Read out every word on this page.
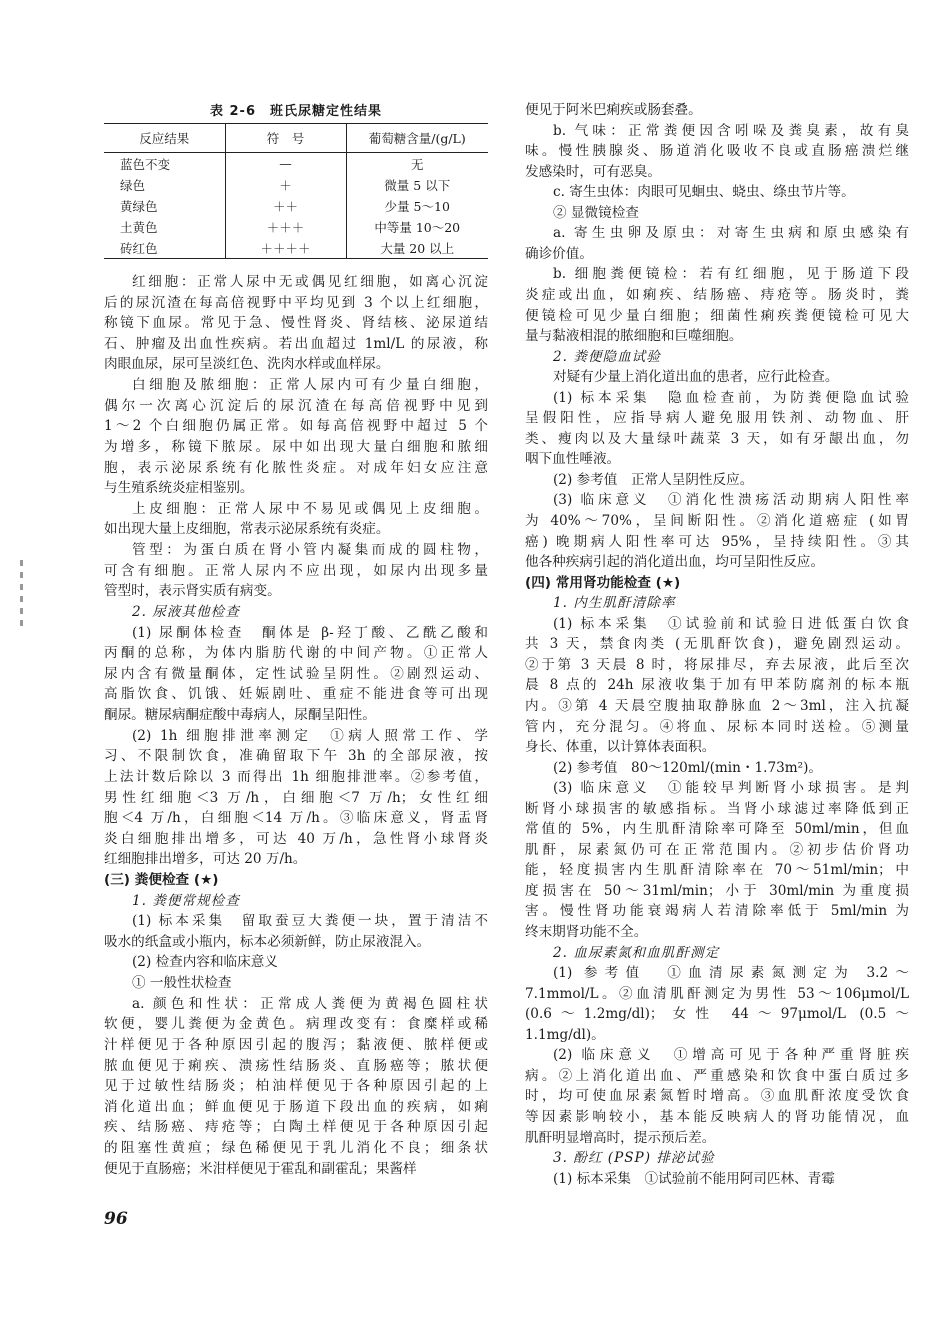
表 2-6　班氏尿糖定性结果
反应结果	符　号	葡萄糖含量/(g/L)
蓝色不变	—	无
绿色	＋	微量 5 以下
黄绿色	＋＋	少量 5～10
土黄色	＋＋＋	中等量 10～20
砖红色	＋＋＋＋	大量 20 以上
红细胞：正常人尿中无或偶见红细胞，如离心沉淀
后的尿沉渣在每高倍视野中平均见到 3 个以上红细胞，
称镜下血尿。常见于急、慢性肾炎、肾结核、泌尿道结
石、肿瘤及出血性疾病。若出血超过 1ml/L 的尿液，称
肉眼血尿，尿可呈淡红色、洗肉水样或血样尿。
白细胞及脓细胞：正常人尿内可有少量白细胞，
偶尔一次离心沉淀后的尿沉渣在每高倍视野中见到
1～2 个白细胞仍属正常。如每高倍视野中超过 5 个
为增多，称镜下脓尿。尿中如出现大量白细胞和脓细
胞，表示泌尿系统有化脓性炎症。对成年妇女应注意
与生殖系统炎症相鉴别。
上皮细胞：正常人尿中不易见或偶见上皮细胞。
如出现大量上皮细胞，常表示泌尿系统有炎症。
管型：为蛋白质在肾小管内凝集而成的圆柱物，
可含有细胞。正常人尿内不应出现，如尿内出现多量
管型时，表示肾实质有病变。
2. 尿液其他检查
(1) 尿酮体检查　酮体是 β-羟丁酸、乙酰乙酸和
丙酮的总称，为体内脂肪代谢的中间产物。①正常人
尿内含有微量酮体，定性试验呈阴性。②剧烈运动、
高脂饮食、饥饿、妊娠剧吐、重症不能进食等可出现
酮尿。糖尿病酮症酸中毒病人，尿酮呈阳性。
(2) 1h 细胞排泄率测定　①病人照常工作、学
习、不限制饮食，准确留取下午 3h 的全部尿液，按
上法计数后除以 3 而得出 1h 细胞排泄率。②参考值，
男性红细胞＜3 万/h，白细胞＜7 万/h；女性红细
胞＜4 万/h，白细胞＜14 万/h。③临床意义，肾盂肾
炎白细胞排出增多，可达 40 万/h，急性肾小球肾炎
红细胞排出增多，可达 20 万/h。
(三) 粪便检查 (★)
1. 粪便常规检查
(1) 标本采集　留取蚕豆大粪便一块，置于清洁不
吸水的纸盒或小瓶内，标本必须新鲜，防止尿液混入。
(2) 检查内容和临床意义
① 一般性状检查
a. 颜色和性状：正常成人粪便为黄褐色圆柱状
软便，婴儿粪便为金黄色。病理改变有：食糜样或稀
汁样便见于各种原因引起的腹泻；黏液便、脓样便或
脓血便见于痢疾、溃疡性结肠炎、直肠癌等；脓状便
见于过敏性结肠炎；柏油样便见于各种原因引起的上
消化道出血；鲜血便见于肠道下段出血的疾病，如痢
疾、结肠癌、痔疮等；白陶土样便见于各种原因引起
的阻塞性黄疸；绿色稀便见于乳儿消化不良；细条状
便见于直肠癌；米泔样便见于霍乱和副霍乱；果酱样
便见于阿米巴痢疾或肠套叠。
b. 气味：正常粪便因含吲哚及粪臭素，故有臭
味。慢性胰腺炎、肠道消化吸收不良或直肠癌溃烂继
发感染时，可有恶臭。
c. 寄生虫体：肉眼可见蛔虫、蛲虫、绦虫节片等。
② 显微镜检查
a. 寄生虫卵及原虫：对寄生虫病和原虫感染有
确诊价值。
b. 细胞粪便镜检：若有红细胞，见于肠道下段
炎症或出血，如痢疾、结肠癌、痔疮等。肠炎时，粪
便镜检可见少量白细胞；细菌性痢疾粪便镜检可见大
量与黏液相混的脓细胞和巨噬细胞。
2. 粪便隐血试验
对疑有少量上消化道出血的患者，应行此检查。
(1) 标本采集　隐血检查前，为防粪便隐血试验
呈假阳性，应指导病人避免服用铁剂、动物血、肝
类、瘦肉以及大量绿叶蔬菜 3 天，如有牙龈出血，勿
咽下血性唾液。
(2) 参考值　正常人呈阴性反应。
(3) 临床意义　①消化性溃疡活动期病人阳性率
为 40%～70%，呈间断阳性。②消化道癌症 (如胃
癌) 晚期病人阳性率可达 95%，呈持续阳性。③其
他各种疾病引起的消化道出血，均可呈阳性反应。
(四) 常用肾功能检查 (★)
1. 内生肌酐清除率
(1) 标本采集　①试验前和试验日进低蛋白饮食
共 3 天，禁食肉类 (无肌酐饮食)，避免剧烈运动。
②于第 3 天晨 8 时，将尿排尽，弃去尿液，此后至次
晨 8 点的 24h 尿液收集于加有甲苯防腐剂的标本瓶
内。③第 4 天晨空腹抽取静脉血 2～3ml，注入抗凝
管内，充分混匀。④将血、尿标本同时送检。⑤测量
身长、体重，以计算体表面积。
(2) 参考值　80～120ml/(min・1.73m²)。
(3) 临床意义　①能较早判断肾小球损害。是判
断肾小球损害的敏感指标。当肾小球滤过率降低到正
常值的 5%，内生肌酐清除率可降至 50ml/min，但血
肌酐，尿素氮仍可在正常范围内。②初步估价肾功
能，轻度损害内生肌酐清除率在 70～51ml/min；中
度损害在 50～31ml/min；小于 30ml/min 为重度损
害。慢性肾功能衰竭病人若清除率低于 5ml/min 为
终末期肾功能不全。
2. 血尿素氮和血肌酐测定
(1) 参考值　①血清尿素氮测定为 3.2～
7.1mmol/L。②血清肌酐测定为男性 53～106μmol/L
(0.6～1.2mg/dl)；女性 44～97μmol/L (0.5～
1.1mg/dl)。
(2) 临床意义　①增高可见于各种严重肾脏疾
病。②上消化道出血、严重感染和饮食中蛋白质过多
时，均可使血尿素氮暂时增高。③血肌酐浓度受饮食
等因素影响较小，基本能反映病人的肾功能情况，血
肌酐明显增高时，提示预后差。
3. 酚红 (PSP) 排泌试验
(1) 标本采集　①试验前不能用阿司匹林、青霉
96
